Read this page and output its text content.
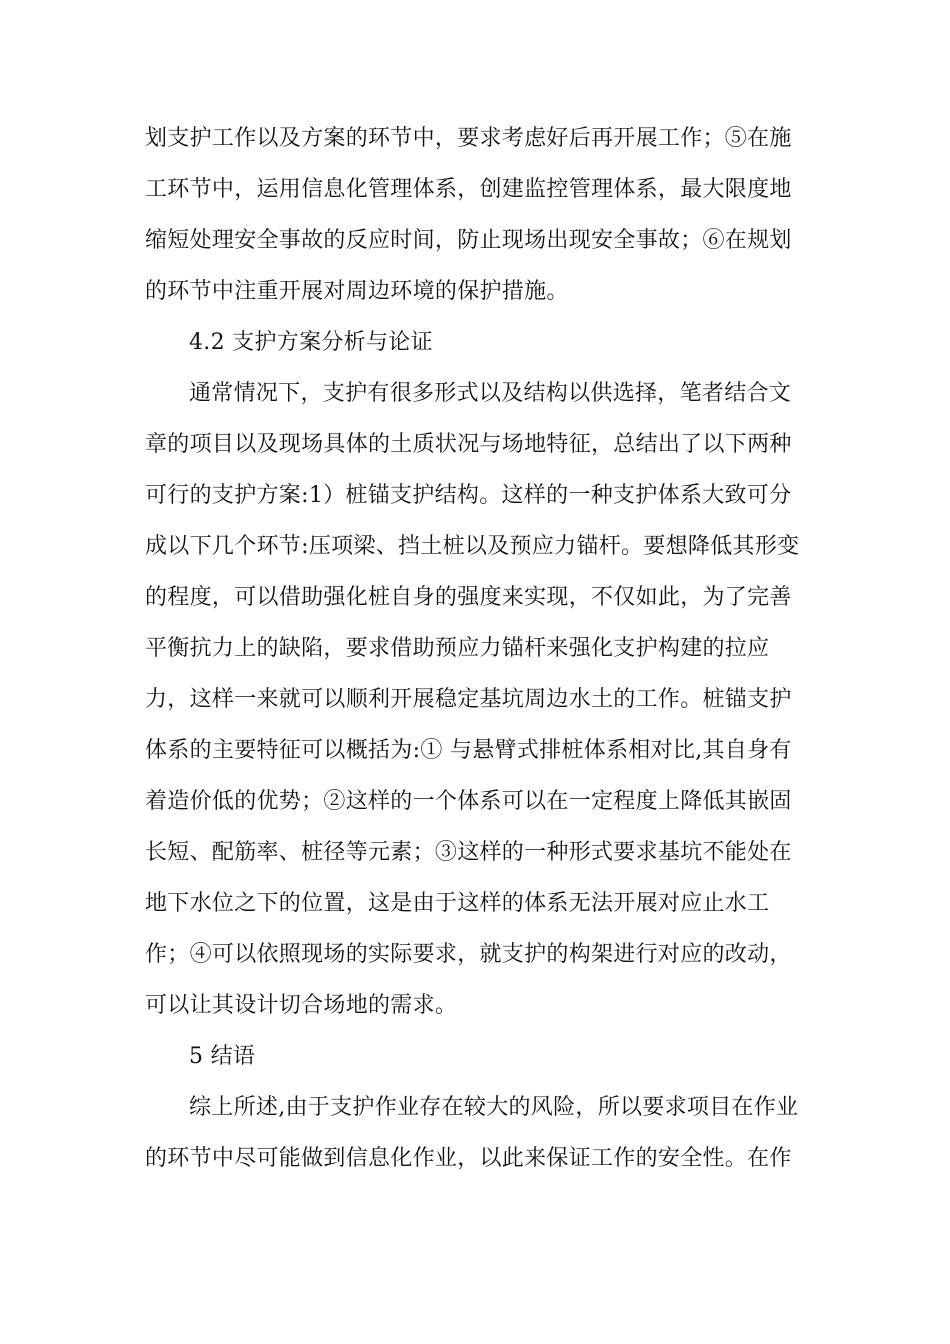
划支护工作以及方案的环节中，要求考虑好后再开展工作；⑤在施
工环节中，运用信息化管理体系，创建监控管理体系，最大限度地
缩短处理安全事故的反应时间，防止现场出现安全事故；⑥在规划
的环节中注重开展对周边环境的保护措施。
4.2 支护方案分析与论证
通常情况下，支护有很多形式以及结构以供选择，笔者结合文
章的项目以及现场具体的土质状况与场地特征，总结出了以下两种
可行的支护方案:1）桩锚支护结构。这样的一种支护体系大致可分
成以下几个环节:压项梁、挡土桩以及预应力锚杆。要想降低其形变
的程度，可以借助强化桩自身的强度来实现，不仅如此，为了完善
平衡抗力上的缺陷，要求借助预应力锚杆来强化支护构建的拉应
力，这样一来就可以顺利开展稳定基坑周边水土的工作。桩锚支护
体系的主要特征可以概括为:① 与悬臂式排桩体系相对比,其自身有
着造价低的优势；②这样的一个体系可以在一定程度上降低其嵌固
长短、配筋率、桩径等元素；③这样的一种形式要求基坑不能处在
地下水位之下的位置，这是由于这样的体系无法开展对应止水工
作；④可以依照现场的实际要求，就支护的构架进行对应的改动，
可以让其设计切合场地的需求。
5 结语
综上所述,由于支护作业存在较大的风险，所以要求项目在作业
的环节中尽可能做到信息化作业，以此来保证工作的安全性。在作
